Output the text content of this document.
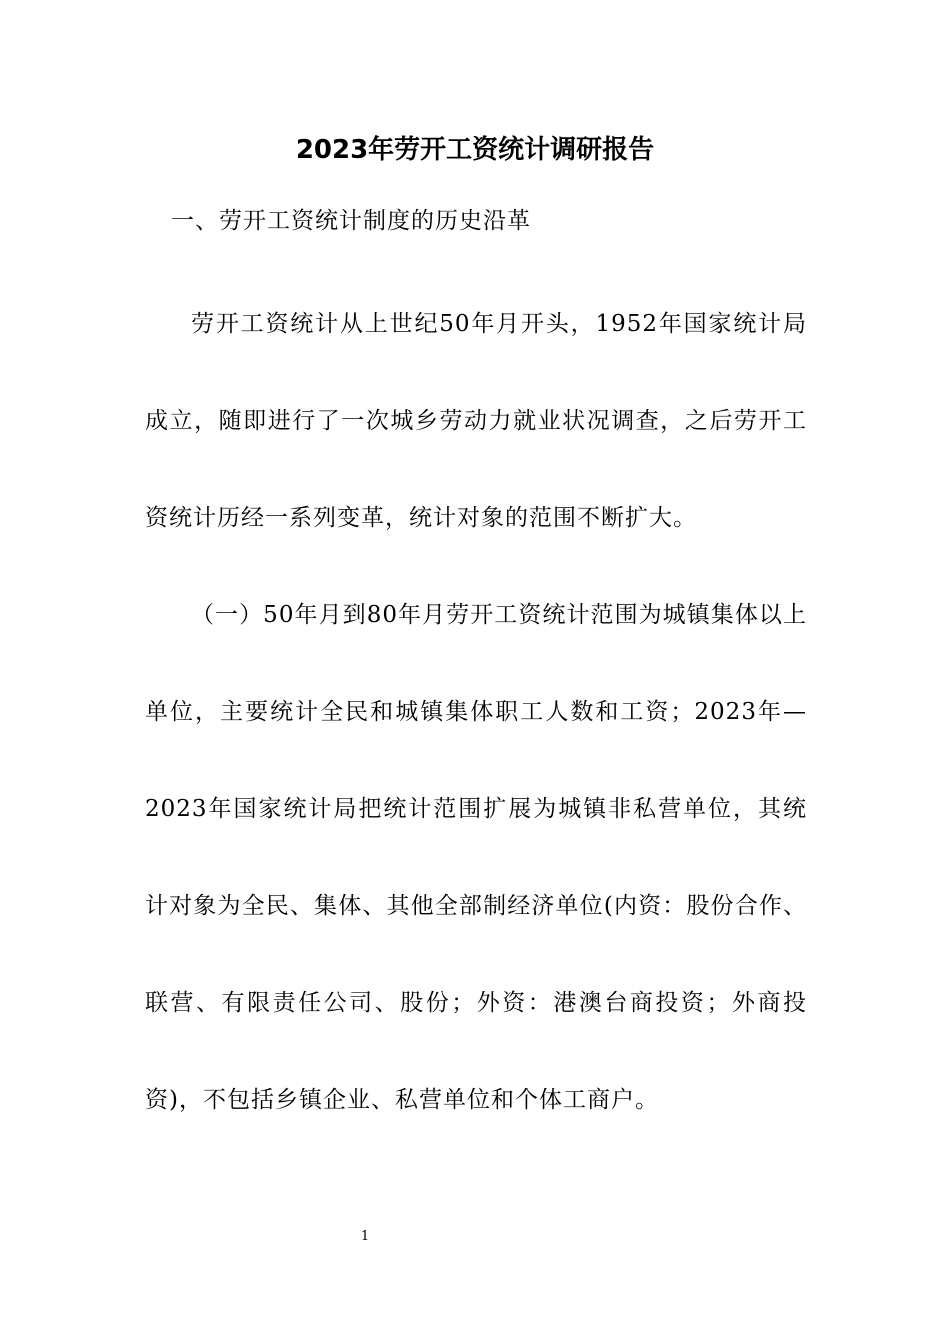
2023年劳开工资统计调研报告

一、劳开工资统计制度的历史沿革

劳开工资统计从上世纪50年月开头，1952年国家统计局成立，随即进行了一次城乡劳动力就业状况调查，之后劳开工资统计历经一系列变革，统计对象的范围不断扩大。

（一）50年月到80年月劳开工资统计范围为城镇集体以上单位，主要统计全民和城镇集体职工人数和工资；2023年—2023年国家统计局把统计范围扩展为城镇非私营单位，其统计对象为全民、集体、其他全部制经济单位(内资：股份合作、联营、有限责任公司、股份；外资：港澳台商投资；外商投资)，不包括乡镇企业、私营单位和个体工商户。

1
